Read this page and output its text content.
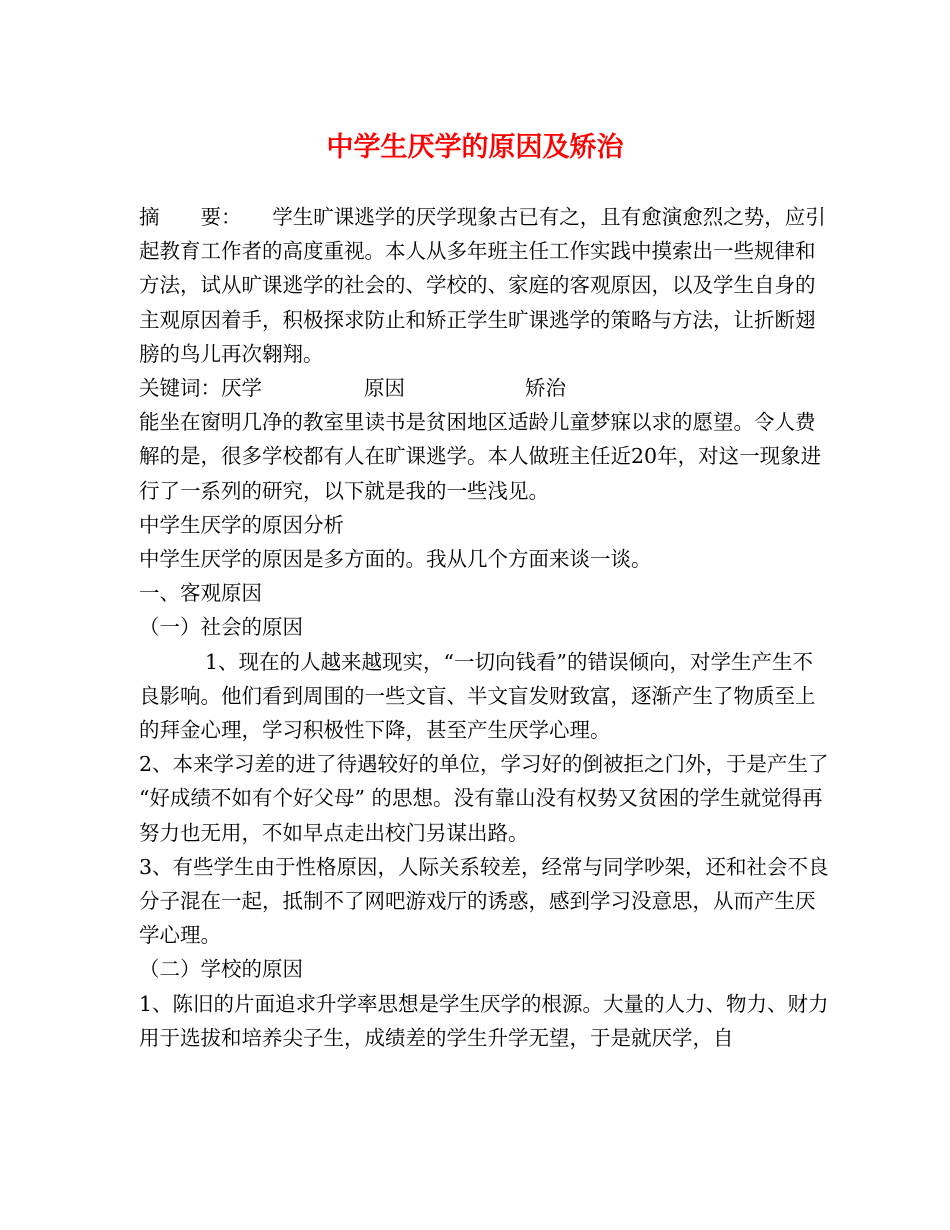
中学生厌学的原因及矫治

摘　　要：　　学生旷课逃学的厌学现象古已有之，且有愈演愈烈之势，应引起教育工作者的高度重视。本人从多年班主任工作实践中摸索出一些规律和方法，试从旷课逃学的社会的、学校的、家庭的客观原因，以及学生自身的主观原因着手，积极探求防止和矫正学生旷课逃学的策略与方法，让折断翅膀的鸟儿再次翱翔。

关键词：厌学	原因	矫治

能坐在窗明几净的教室里读书是贫困地区适龄儿童梦寐以求的愿望。令人费解的是，很多学校都有人在旷课逃学。本人做班主任近20年，对这一现象进行了一系列的研究，以下就是我的一些浅见。

中学生厌学的原因分析

中学生厌学的原因是多方面的。我从几个方面来谈一谈。

一、客观原因

（一）社会的原因

1、现在的人越来越现实，“一切向钱看”的错误倾向，对学生产生不良影响。他们看到周围的一些文盲、半文盲发财致富，逐渐产生了物质至上的拜金心理，学习积极性下降，甚至产生厌学心理。

2、本来学习差的进了待遇较好的单位，学习好的倒被拒之门外，于是产生了 “好成绩不如有个好父母” 的思想。没有靠山没有权势又贫困的学生就觉得再努力也无用，不如早点走出校门另谋出路。

3、有些学生由于性格原因，人际关系较差，经常与同学吵架，还和社会不良分子混在一起，抵制不了网吧游戏厅的诱惑，感到学习没意思，从而产生厌学心理。

（二）学校的原因

1、陈旧的片面追求升学率思想是学生厌学的根源。大量的人力、物力、财力用于选拔和培养尖子生，成绩差的学生升学无望，于是就厌学，自
